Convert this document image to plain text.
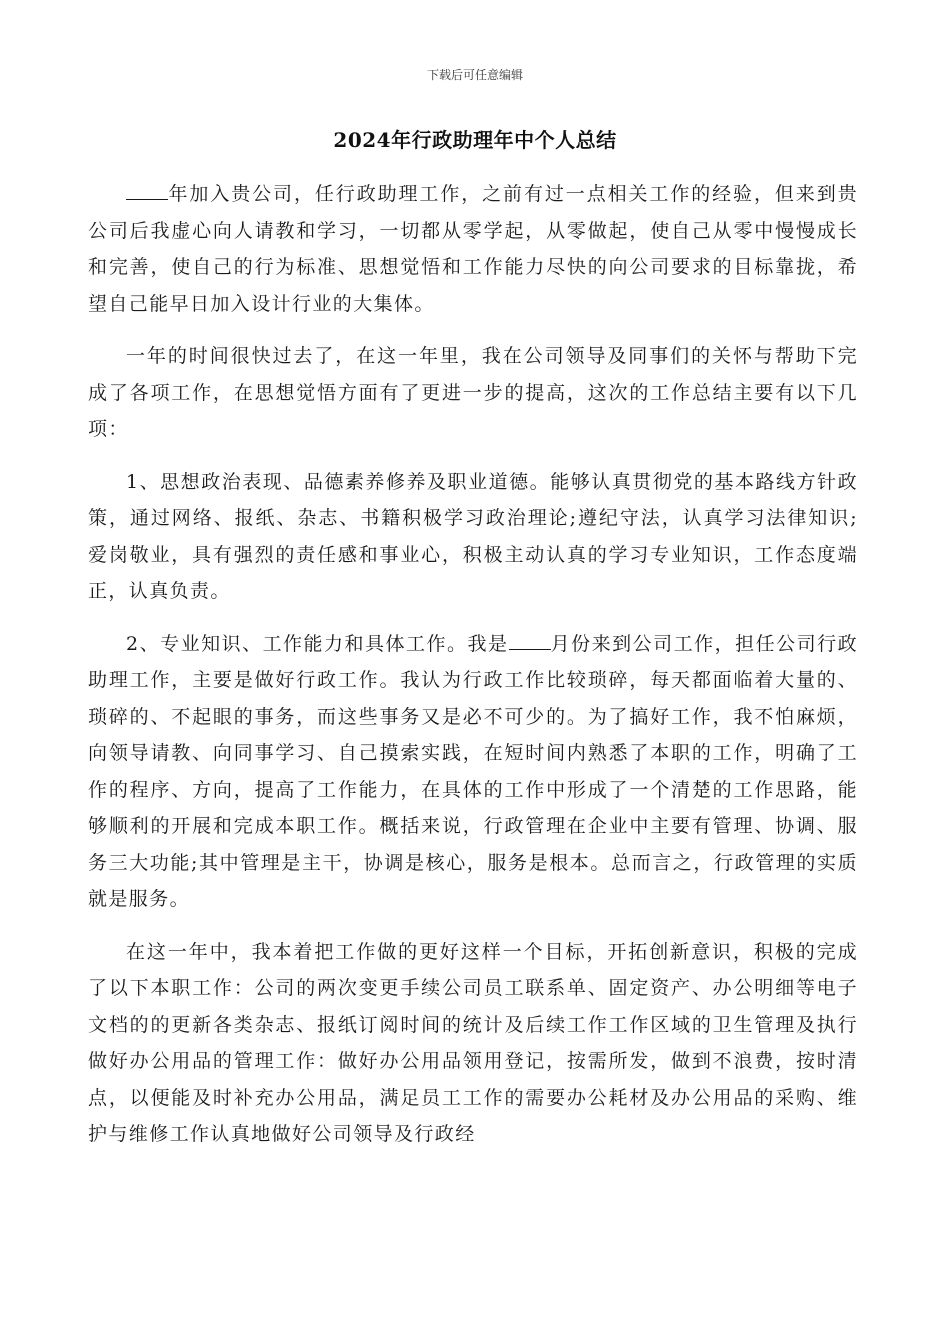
下载后可任意编辑
2024年行政助理年中个人总结

年加入贵公司，任行政助理工作，之前有过一点相关工作的经验，但来到贵公司后我虚心向人请教和学习，一切都从零学起，从零做起，使自己从零中慢慢成长和完善，使自己的行为标准、思想觉悟和工作能力尽快的向公司要求的目标靠拢，希望自己能早日加入设计行业的大集体。

一年的时间很快过去了，在这一年里，我在公司领导及同事们的关怀与帮助下完成了各项工作，在思想觉悟方面有了更进一步的提高，这次的工作总结主要有以下几项：

1、思想政治表现、品德素养修养及职业道德。能够认真贯彻党的基本路线方针政策，通过网络、报纸、杂志、书籍积极学习政治理论;遵纪守法，认真学习法律知识;爱岗敬业，具有强烈的责任感和事业心，积极主动认真的学习专业知识，工作态度端正，认真负责。

2、专业知识、工作能力和具体工作。我是 月份来到公司工作，担任公司行政助理工作，主要是做好行政工作。我认为行政工作比较琐碎，每天都面临着大量的、琐碎的、不起眼的事务，而这些事务又是必不可少的。为了搞好工作，我不怕麻烦，向领导请教、向同事学习、自己摸索实践，在短时间内熟悉了本职的工作，明确了工作的程序、方向，提高了工作能力，在具体的工作中形成了一个清楚的工作思路，能够顺利的开展和完成本职工作。概括来说，行政管理在企业中主要有管理、协调、服务三大功能;其中管理是主干，协调是核心，服务是根本。总而言之，行政管理的实质就是服务。

在这一年中，我本着把工作做的更好这样一个目标，开拓创新意识，积极的完成了以下本职工作：公司的两次变更手续公司员工联系单、固定资产、办公明细等电子文档的的更新各类杂志、报纸订阅时间的统计及后续工作工作区域的卫生管理及执行做好办公用品的管理工作：做好办公用品领用登记，按需所发，做到不浪费，按时清点，以便能及时补充办公用品，满足员工工作的需要办公耗材及办公用品的采购、维护与维修工作认真地做好公司领导及行政经
